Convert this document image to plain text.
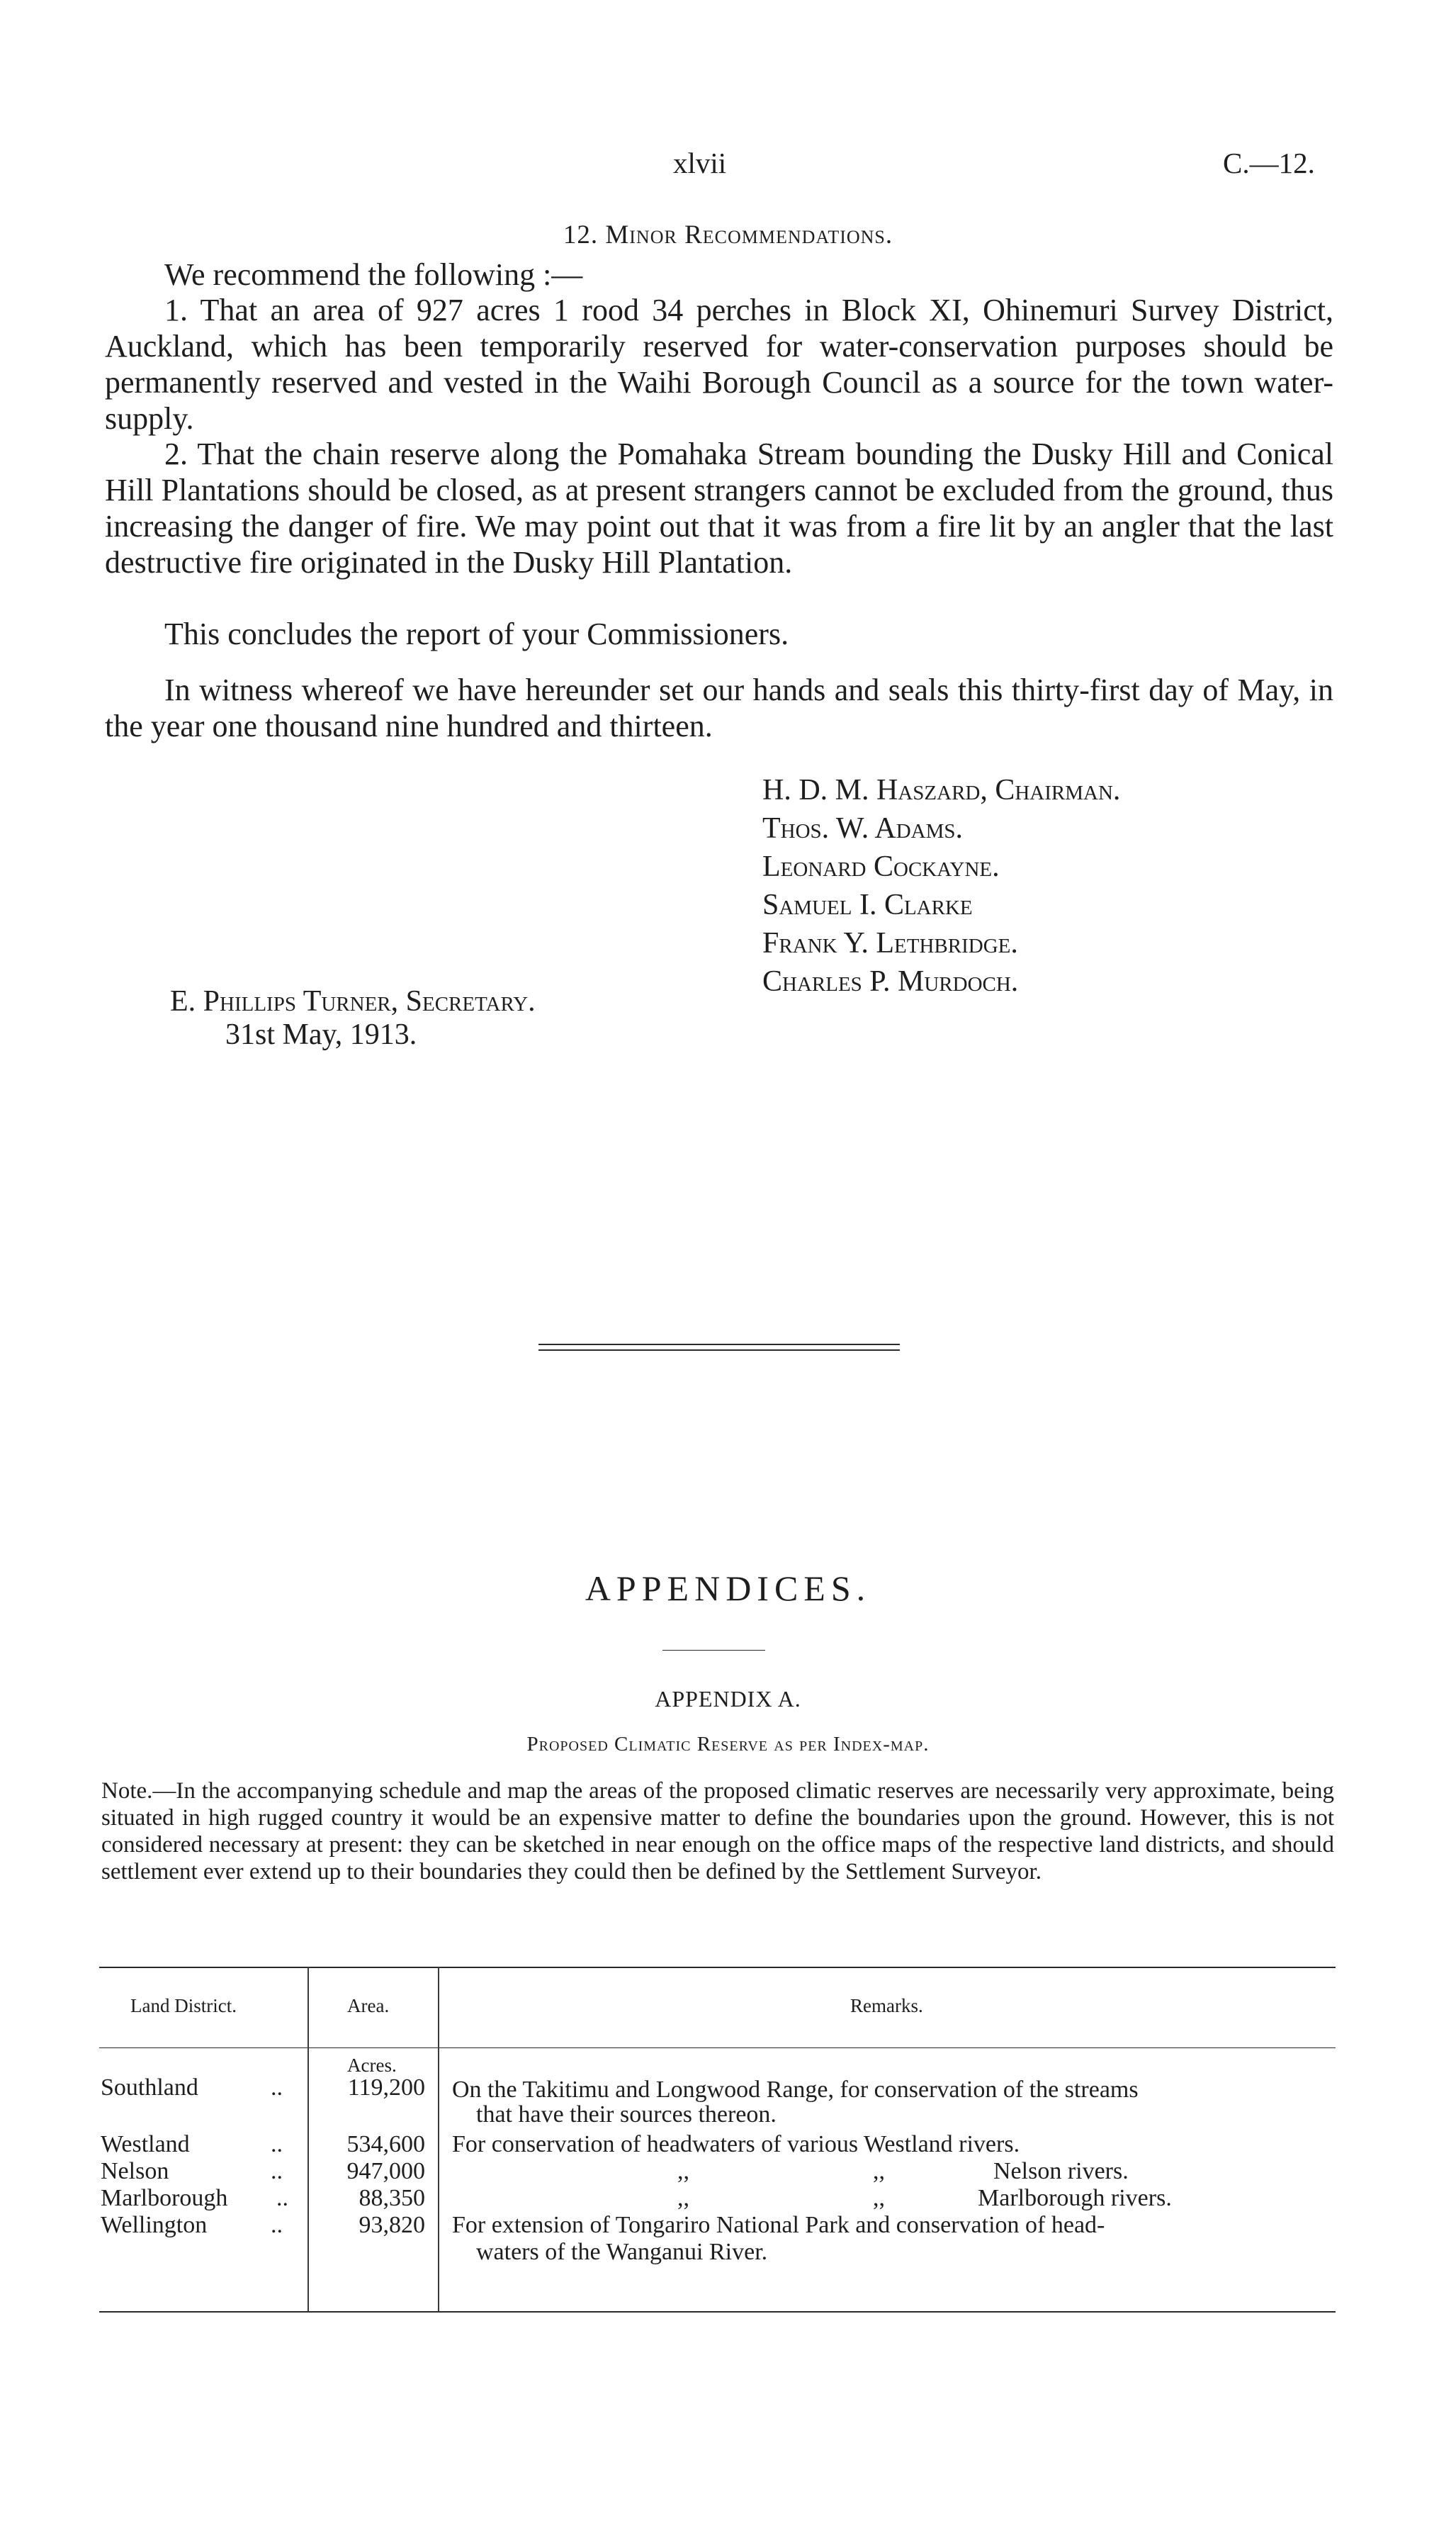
xlvii	C.—12.
12. Minor Recommendations.
We recommend the following :—
1. That an area of 927 acres 1 rood 34 perches in Block XI, Ohinemuri Survey District, Auckland, which has been temporarily reserved for water-conservation purposes should be permanently reserved and vested in the Waihi Borough Council as a source for the town water-supply.
2. That the chain reserve along the Pomahaka Stream bounding the Dusky Hill and Conical Hill Plantations should be closed, as at present strangers cannot be excluded from the ground, thus increasing the danger of fire. We may point out that it was from a fire lit by an angler that the last destructive fire originated in the Dusky Hill Plantation.
This concludes the report of your Commissioners.
In witness whereof we have hereunder set our hands and seals this thirty-first day of May, in the year one thousand nine hundred and thirteen.
H. D. M. Haszard, Chairman.
Thos. W. Adams.
Leonard Cockayne.
Samuel I. Clarke
Frank Y. Lethbridge.
Charles P. Murdoch.
E. Phillips Turner, Secretary.
31st May, 1913.
APPENDICES.
APPENDIX A.
Proposed Climatic Reserve as per Index-map.
Note.—In the accompanying schedule and map the areas of the proposed climatic reserves are necessarily very approximate, being situated in high rugged country it would be an expensive matter to define the boundaries upon the ground. However, this is not considered necessary at present: they can be sketched in near enough on the office maps of the respective land districts, and should settlement ever extend up to their boundaries they could then be defined by the Settlement Surveyor.
Land District.	Area.	Remarks.
Acres.
Southland	..	119,200 On the Takitimu and Longwood Range, for conservation of the streams
that have their sources thereon.
Westland	..	534,600 For conservation of headwaters of various Westland rivers.
Nelson	..	947,000	,,	,,	Nelson rivers.
Marlborough ..	88,350	,,	,,	Marlborough rivers.
Wellington	..	93,820 For extension of Tongariro National Park and conservation of head-
waters of the Wanganui River.
